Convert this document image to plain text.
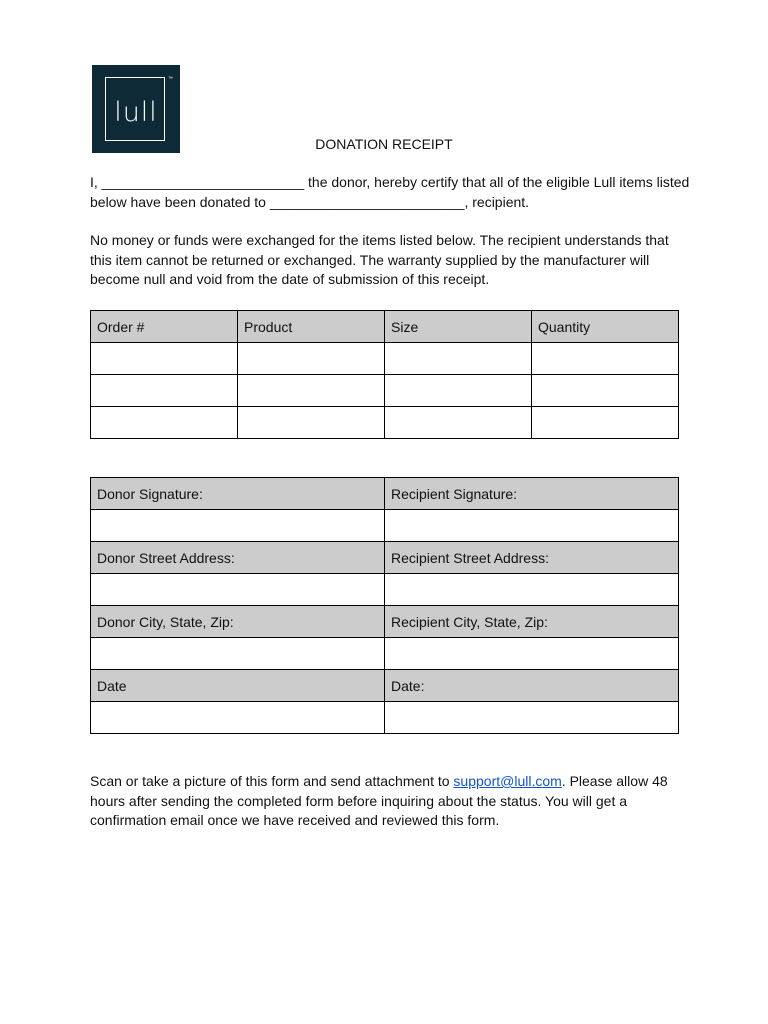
lull
™
DONATION RECEIPT

I, __________________________ the donor, hereby certify that all of the eligible Lull items listed below have been donated to _________________________, recipient.

No money or funds were exchanged for the items listed below. The recipient understands that this item cannot be returned or exchanged. The warranty supplied by the manufacturer will become null and void from the date of submission of this receipt.

Order #	Product	Size	Quantity

Donor Signature:	Recipient Signature:

Donor Street Address:	Recipient Street Address:

Donor City, State, Zip:	Recipient City, State, Zip:

Date	Date:

Scan or take a picture of this form and send attachment to support@lull.com. Please allow 48 hours after sending the completed form before inquiring about the status. You will get a confirmation email once we have received and reviewed this form.
